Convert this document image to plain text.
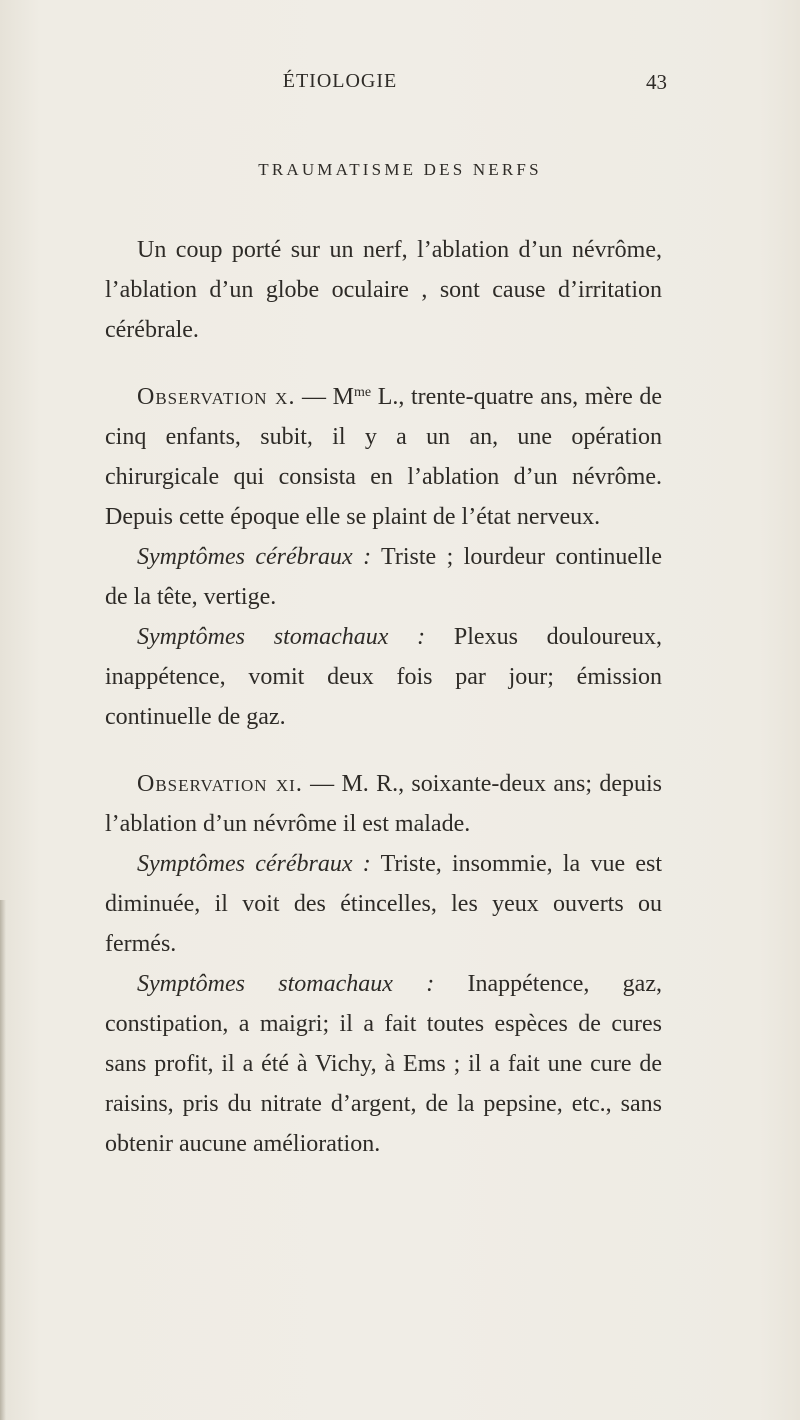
ÉTIOLOGIE	43
TRAUMATISME DES NERFS

Un coup porté sur un nerf, l’ablation d’un névrôme, l’ablation d’un globe oculaire , sont cause d’irritation cérébrale.

Observation x. — $M^{me}$ L., trente-quatre ans, mère de cinq enfants, subit, il y a un an, une opération chirurgicale qui consista en l’ablation d’un névrôme. Depuis cette époque elle se plaint de l’état nerveux.

Symptômes cérébraux : Triste ; lourdeur continuelle de la tête, vertige.

Symptômes stomachaux : Plexus douloureux, inappétence, vomit deux fois par jour; émission continuelle de gaz.

Observation xi. — M. R., soixante-deux ans; depuis l’ablation d’un névrôme il est malade.

Symptômes cérébraux : Triste, insommie, la vue est diminuée, il voit des étincelles, les yeux ouverts ou fermés.

Symptômes stomachaux : Inappétence, gaz, constipation, a maigri; il a fait toutes espèces de cures sans profit, il a été à Vichy, à Ems ; il a fait une cure de raisins, pris du nitrate d’argent, de la pepsine, etc., sans obtenir aucune amélioration.
